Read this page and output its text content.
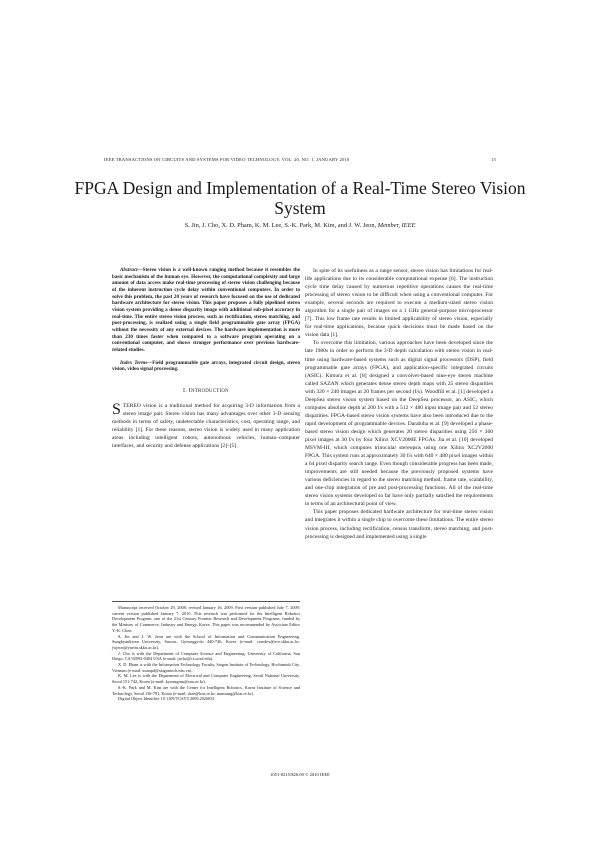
IEEE TRANSACTIONS ON CIRCUITS AND SYSTEMS FOR VIDEO TECHNOLOGY, VOL. 20, NO. 1, JANUARY 2010	15
FPGA Design and Implementation of a Real-Time Stereo Vision System
S. Jin, J. Cho, X. D. Pham, K. M. Lee, S.-K. Park, M. Kim, and J. W. Jeon, Member, IEEE

Abstract—Stereo vision is a well-known ranging method because it resembles the basic mechanism of the human eye. However, the computational complexity and large amount of data access make real-time processing of stereo vision challenging because of the inherent instruction cycle delay within conventional computers. In order to solve this problem, the past 20 years of research have focused on the use of dedicated hardware architecture for stereo vision. This paper proposes a fully pipelined stereo vision system providing a dense disparity image with additional sub-pixel accuracy in real-time. The entire stereo vision process, such as rectification, stereo matching, and post-processing, is realized using a single field programmable gate array (FPGA) without the necessity of any external devices. The hardware implementation is more than 230 times faster when compared to a software program operating on a conventional computer, and shows stronger performance over previous hardware-related studies.

Index Terms—Field programmable gate arrays, integrated circuit design, stereo vision, video signal processing.

I. INTRODUCTION

STEREO vision is a traditional method for acquiring 3-D information from a stereo image pair. Stereo vision has many advantages over other 3-D sensing methods in terms of safety, undetectable characteristics, cost, operating range, and reliability [1]. For these reasons, stereo vision is widely used in many application areas including intelligent robots, autonomous vehicles, human–computer interfaces, and security and defense applications [2]–[5].

Manuscript received October 29, 2008; revised January 16, 2009. First version published July 7, 2009; current version published January 7, 2010. This research was performed for the Intelligent Robotics Development Program, one of the 21st Century Frontier Research and Development Programs, funded by the Ministry of Commerce, Industry and Energy, Korea. This paper was recommended by Associate Editor Y.-K. Chen.

S. Jin and J. W. Jeon are with the School of Information and Communication Engineering, Sungkyunkwan University, Suwon, Gyeonggi-do 440-746, Korea (e-mail: coredev@ece.skku.ac.kr; jwjeon@yurim.skku.ac.kr).

J. Cho is with the Department of Computer Science and Engineering, University of California, San Diego, CA 92093-0404 USA (e-mail: jucho@cs.ucsd.edu).

X. D. Pham is with the Information Technology Faculty, Saigon Institute of Technology, Hochiminh City, Vietnam (e-mail: xuanpd@saigontech.edu.vn).

K. M. Lee is with the Department of Electrical and Computer Engineering, Seoul National University, Seoul 151-742, Korea (e-mail: kyoungmu@snu.ac.kr).

S.-K. Park and M. Kim are with the Center for Intelligent Robotics, Korea Institute of Science and Technology, Seoul 136-791, Korea (e-mail: skee@kist.re.kr; munsang@kist.re.kr).

Digital Object Identifier 10.1109/TCSVT.2009.2026831

In spite of its usefulness as a range sensor, stereo vision has limitations for real-life applications due to its considerable computational expense [6]. The instruction cycle time delay caused by numerous repetitive operations causes the real-time processing of stereo vision to be difficult when using a conventional computer. For example, several seconds are required to execute a medium-sized stereo vision algorithm for a single pair of images on a 1 GHz general-purpose microprocessor [7]. This low frame rate results in limited applicability of stereo vision, especially for real-time applications, because quick decisions must be made based on the vision data [1].

To overcome this limitation, various approaches have been developed since the late 1980s in order to perform the 3-D depth calculation with stereo vision in real-time using hardware-based systems such as digital signal processors (DSP), field programmable gate arrays (FPGA), and application-specific integrated circuits (ASIC). Kimura et al. [8] designed a convolver-based nine-eye stereo machine called SAZAN which generates dense stereo depth maps with 25 stereo disparities with 320 × 240 images at 20 frames per second (f/s). Woodfill et al. [1] developed a DeepSea stereo vision system based on the DeepSea processor, an ASIC, which computes absolute depth at 200 f/s with a 512 × 480 input image pair and 52 stereo disparities. FPGA-based stereo vision systems have also been introduced due to the rapid development of programmable devices. Darabiha et al. [9] developed a phase-based stereo vision design which generates 20 stereo disparities using 256 × 360 pixel images at 30 f/s by four Xilinx XCV2000E FPGAs. Jia et al. [10] developed MSVM-III, which computes trinocular stereopsis using one Xilinx XC2V2000 FPGA. This system runs at approximately 30 f/s with 640 × 480 pixel images within a 64 pixel disparity search range. Even though considerable progress has been made, improvements are still needed because the previously proposed systems have various deficiencies in regard to the stereo matching method, frame rate, scalability, and one-chip integration of pre and post-processing functions. All of the real-time stereo vision systems developed so far have only partially satisfied the requirements in terms of an architectural point of view.

This paper proposes dedicated hardware architecture for real-time stereo vision and integrates it within a single chip to overcome these limitations. The entire stereo vision process, including rectification, census transform, stereo matching, and post-processing is designed and implemented using a single

1051-8215/$26.00 © 2010 IEEE
